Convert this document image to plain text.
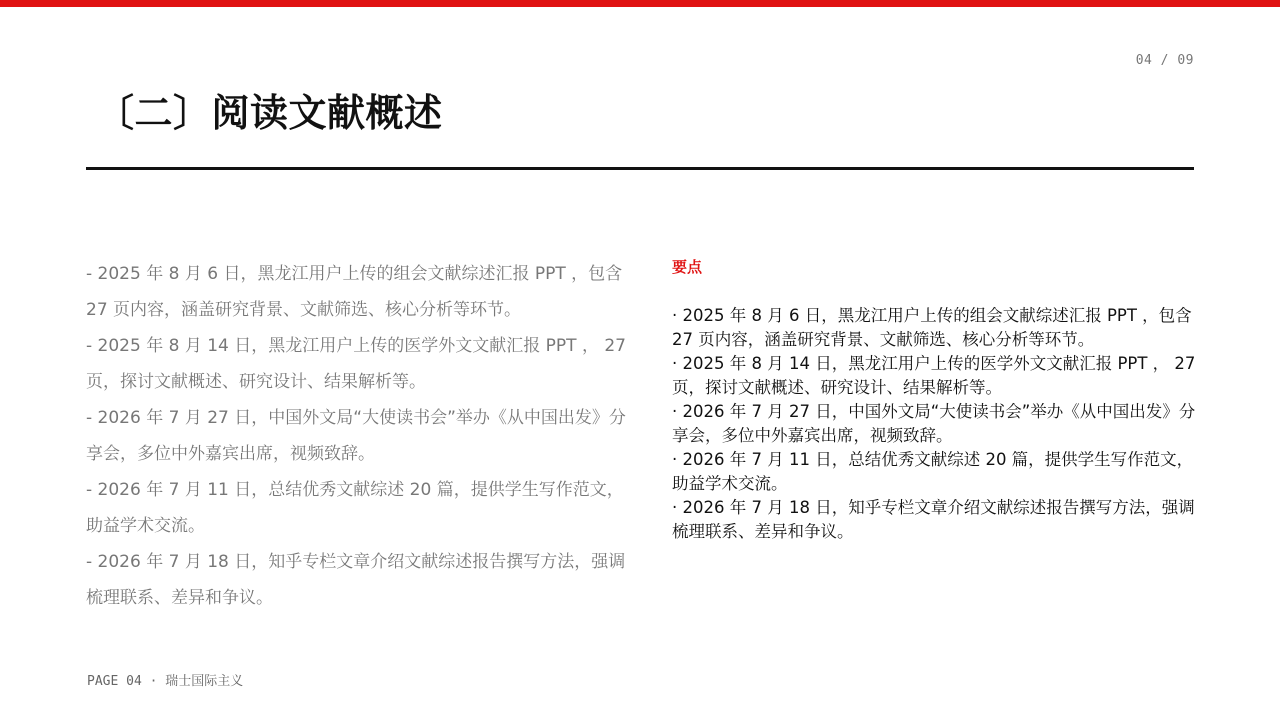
04 / 09
〔二〕阅读文献概述

- 2025 年 8 月 6 日，黑龙江用户上传的组会文献综述汇报 PPT ，包含 27 页内容，涵盖研究背景、文献筛选、核心分析等环节。

- 2025 年 8 月 14 日，黑龙江用户上传的医学外文文献汇报 PPT ， 27 页，探讨文献概述、研究设计、结果解析等。

- 2026 年 7 月 27 日，中国外文局“大使读书会”举办《从中国出发》分享会，多位中外嘉宾出席，视频致辞。

- 2026 年 7 月 11 日，总结优秀文献综述 20 篇，提供学生写作范文，助益学术交流。

- 2026 年 7 月 18 日，知乎专栏文章介绍文献综述报告撰写方法，强调梳理联系、差异和争议。

要点

· 2025 年 8 月 6 日，黑龙江用户上传的组会文献综述汇报 PPT ，包含 27 页内容，涵盖研究背景、文献筛选、核心分析等环节。

· 2025 年 8 月 14 日，黑龙江用户上传的医学外文文献汇报 PPT ， 27 页，探讨文献概述、研究设计、结果解析等。

· 2026 年 7 月 27 日，中国外文局“大使读书会”举办《从中国出发》分享会，多位中外嘉宾出席，视频致辞。

· 2026 年 7 月 11 日，总结优秀文献综述 20 篇，提供学生写作范文，助益学术交流。

· 2026 年 7 月 18 日，知乎专栏文章介绍文献综述报告撰写方法，强调梳理联系、差异和争议。

PAGE 04 · 瑞士国际主义
